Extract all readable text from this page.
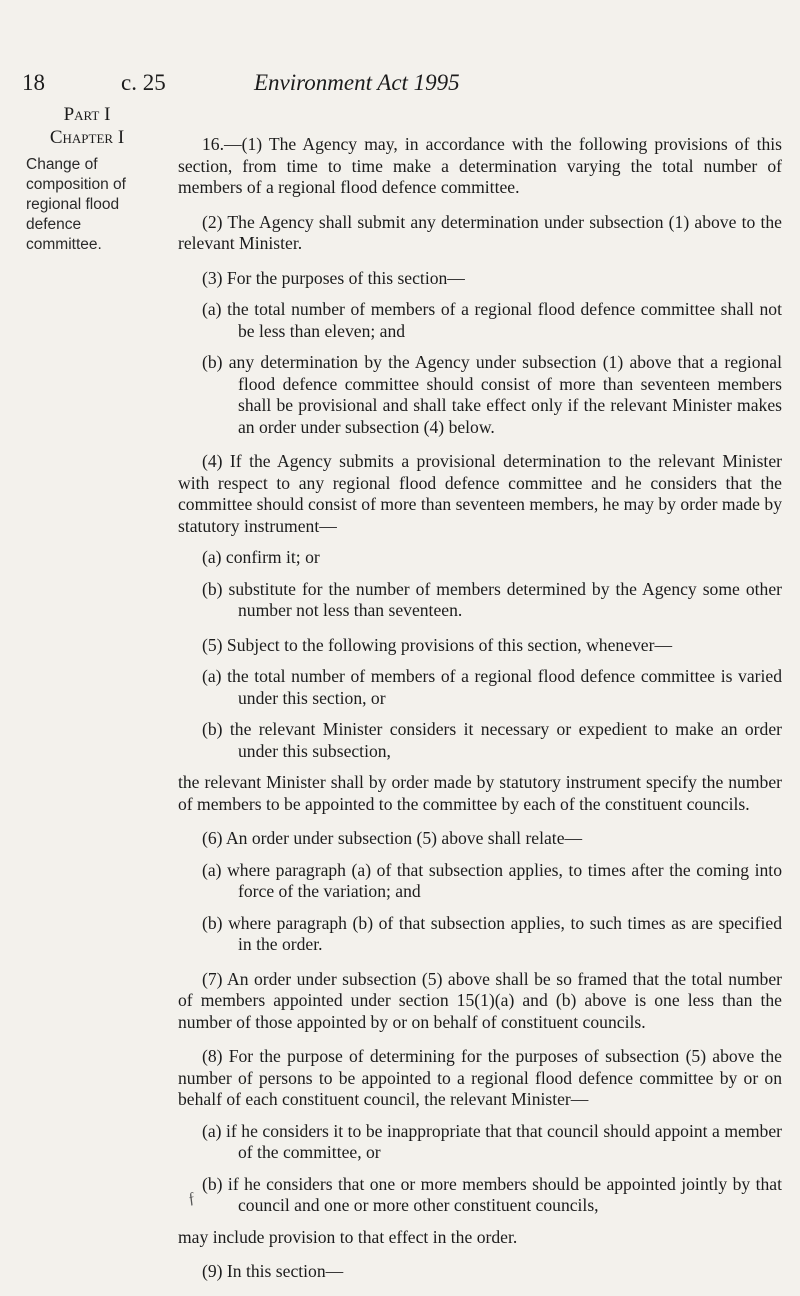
18	c. 25	Environment Act 1995
Part I
Chapter I
Change of composition of regional flood defence committee.

16.—(1) The Agency may, in accordance with the following provisions of this section, from time to time make a determination varying the total number of members of a regional flood defence committee.

(2) The Agency shall submit any determination under subsection (1) above to the relevant Minister.

(3) For the purposes of this section—

(a) the total number of members of a regional flood defence committee shall not be less than eleven; and

(b) any determination by the Agency under subsection (1) above that a regional flood defence committee should consist of more than seventeen members shall be provisional and shall take effect only if the relevant Minister makes an order under subsection (4) below.

(4) If the Agency submits a provisional determination to the relevant Minister with respect to any regional flood defence committee and he considers that the committee should consist of more than seventeen members, he may by order made by statutory instrument—

(a) confirm it; or

(b) substitute for the number of members determined by the Agency some other number not less than seventeen.

(5) Subject to the following provisions of this section, whenever—

(a) the total number of members of a regional flood defence committee is varied under this section, or

(b) the relevant Minister considers it necessary or expedient to make an order under this subsection,

the relevant Minister shall by order made by statutory instrument specify the number of members to be appointed to the committee by each of the constituent councils.

(6) An order under subsection (5) above shall relate—

(a) where paragraph (a) of that subsection applies, to times after the coming into force of the variation; and

(b) where paragraph (b) of that subsection applies, to such times as are specified in the order.

(7) An order under subsection (5) above shall be so framed that the total number of members appointed under section 15(1)(a) and (b) above is one less than the number of those appointed by or on behalf of constituent councils.

(8) For the purpose of determining for the purposes of subsection (5) above the number of persons to be appointed to a regional flood defence committee by or on behalf of each constituent council, the relevant Minister—

(a) if he considers it to be inappropriate that that council should appoint a member of the committee, or

(b) if he considers that one or more members should be appointed jointly by that council and one or more other constituent councils,

may include provision to that effect in the order.

(9) In this section—

ƒ
